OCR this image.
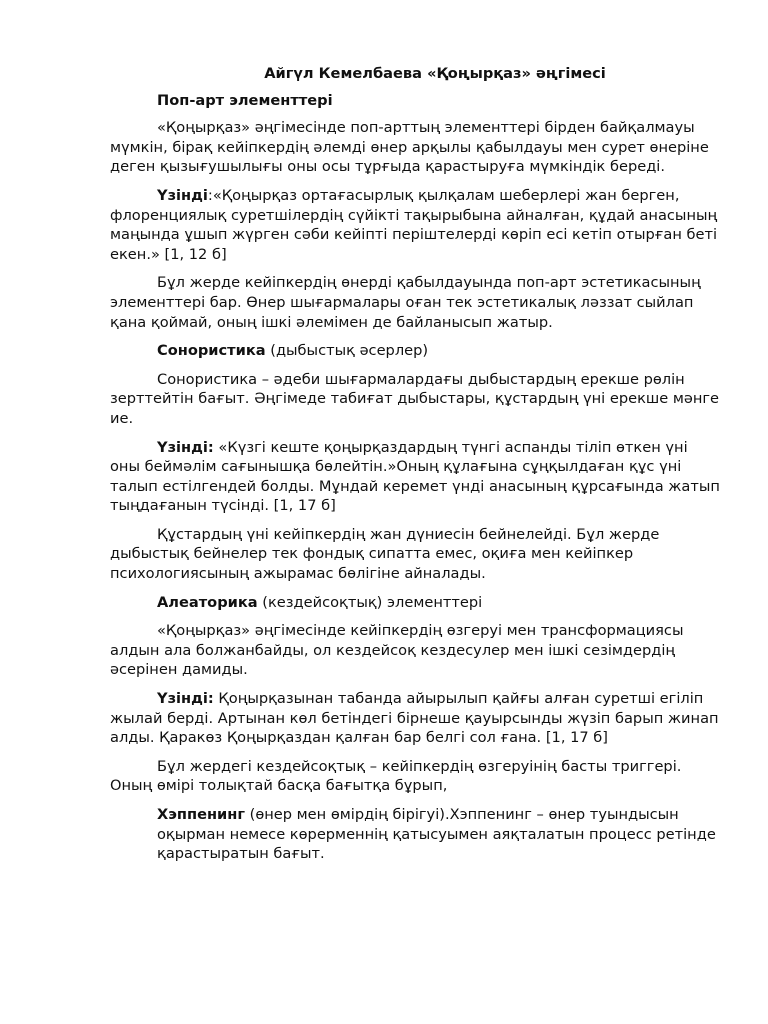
Айгүл Кемелбаева «Қоңырқаз» әңгімесі

Поп-арт элементтері

«Қоңырқаз» әңгімесінде поп-арттың элементтері бірден байқалмауы мүмкін, бірақ кейіпкердің әлемді өнер арқылы қабылдауы мен сурет өнеріне деген қызығушылығы оны осы тұрғыда қарастыруға мүмкіндік береді.

Үзінді:«Қоңырқаз ортағасырлық қылқалам шеберлері жан берген, флоренциялық суретшілердің сүйікті тақырыбына айналған, құдай анасының маңында ұшып жүрген сәби кейіпті періштелерді көріп есі кетіп отырған беті екен.» [1, 12 б]

Бұл жерде кейіпкердің өнерді қабылдауында поп-арт эстетикасының элементтері бар. Өнер шығармалары оған тек эстетикалық ләззат сыйлап қана қоймай, оның ішкі әлемімен де байланысып жатыр.

Сонористика (дыбыстық әсерлер)

Сонористика – әдеби шығармалардағы дыбыстардың ерекше рөлін зерттейтін бағыт. Әңгімеде табиғат дыбыстары, құстардың үні ерекше мәнге ие.

Үзінді: «Күзгі кеште қоңырқаздардың түнгі аспанды тіліп өткен үні оны беймәлім сағынышқа бөлейтін.»Оның құлағына сұңқылдаған құс үні талып естілгендей болды. Мұндай керемет үнді анасының құрсағында жатып тыңдағанын түсінді. [1, 17 б]

Құстардың үні кейіпкердің жан дүниесін бейнелейді. Бұл жерде дыбыстық бейнелер тек фондық сипатта емес, оқиға мен кейіпкер психологиясының ажырамас бөлігіне айналады.

Алеаторика (кездейсоқтық) элементтері

«Қоңырқаз» әңгімесінде кейіпкердің өзгеруі мен трансформациясы алдын ала болжанбайды, ол кездейсоқ кездесулер мен ішкі сезімдердің әсерінен дамиды.

Үзінді: Қоңырқазынан табанда айырылып қайғы алған суретші егіліп жылай берді. Артынан көл бетіндегі бірнеше қауырсынды жүзіп барып жинап алды. Қаракөз Қоңырқаздан қалған бар белгі сол ғана. [1, 17 б]

Бұл жердегі кездейсоқтық – кейіпкердің өзгеруінің басты триггері. Оның өмірі толықтай басқа бағытқа бұрып,

Хэппенинг (өнер мен өмірдің бірігуі).Хэппенинг – өнер туындысын оқырман немесе көрерменнің қатысуымен аяқталатын процесс ретінде қарастыратын бағыт.
